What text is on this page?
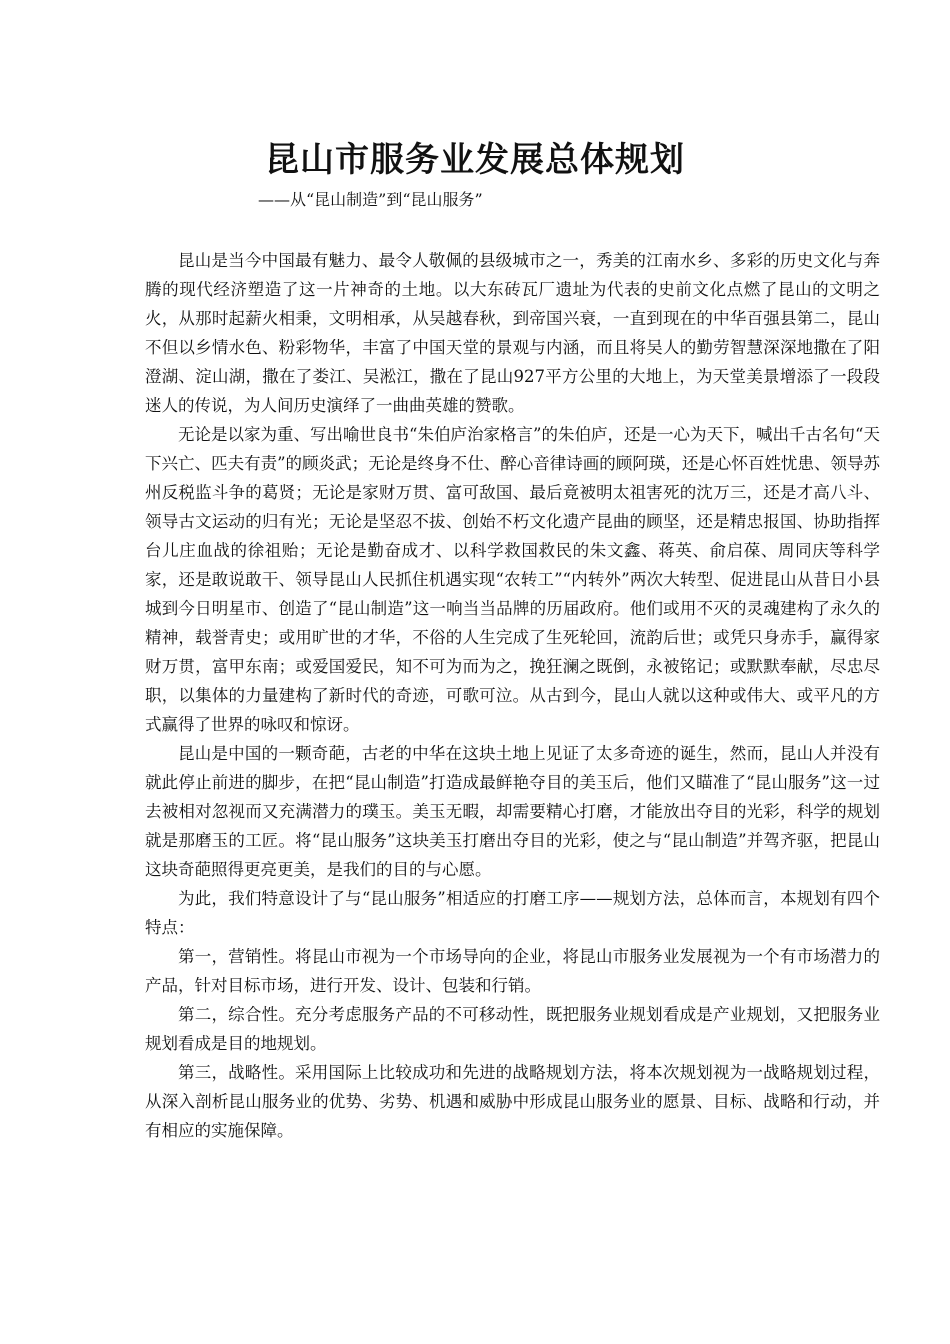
昆山市服务业发展总体规划
——从“昆山制造”到“昆山服务”

昆山是当今中国最有魅力、最令人敬佩的县级城市之一，秀美的江南水乡、多彩的历史文化与奔腾的现代经济塑造了这一片神奇的土地。以大东砖瓦厂遗址为代表的史前文化点燃了昆山的文明之火，从那时起薪火相秉，文明相承，从吴越春秋，到帝国兴衰，一直到现在的中华百强县第二，昆山不但以乡情水色、粉彩物华，丰富了中国天堂的景观与内涵，而且将吴人的勤劳智慧深深地撒在了阳澄湖、淀山湖，撒在了娄江、吴淞江，撒在了昆山927平方公里的大地上，为天堂美景增添了一段段迷人的传说，为人间历史演绎了一曲曲英雄的赞歌。

无论是以家为重、写出喻世良书“朱伯庐治家格言”的朱伯庐，还是一心为天下，喊出千古名句“天下兴亡、匹夫有责”的顾炎武；无论是终身不仕、醉心音律诗画的顾阿瑛，还是心怀百姓忧患、领导苏州反税监斗争的葛贤；无论是家财万贯、富可敌国、最后竟被明太祖害死的沈万三，还是才高八斗、领导古文运动的归有光；无论是坚忍不拔、创始不朽文化遗产昆曲的顾坚，还是精忠报国、协助指挥台儿庄血战的徐祖贻；无论是勤奋成才、以科学救国救民的朱文鑫、蒋英、俞启葆、周同庆等科学家，还是敢说敢干、领导昆山人民抓住机遇实现“农转工”“内转外”两次大转型、促进昆山从昔日小县城到今日明星市、创造了“昆山制造”这一响当当品牌的历届政府。他们或用不灭的灵魂建构了永久的精神，载誉青史；或用旷世的才华，不俗的人生完成了生死轮回，流韵后世；或凭只身赤手，赢得家财万贯，富甲东南；或爱国爱民，知不可为而为之，挽狂澜之既倒，永被铭记；或默默奉献，尽忠尽职，以集体的力量建构了新时代的奇迹，可歌可泣。从古到今，昆山人就以这种或伟大、或平凡的方式赢得了世界的咏叹和惊讶。

昆山是中国的一颗奇葩，古老的中华在这块土地上见证了太多奇迹的诞生，然而，昆山人并没有就此停止前进的脚步，在把“昆山制造”打造成最鲜艳夺目的美玉后，他们又瞄准了“昆山服务”这一过去被相对忽视而又充满潜力的璞玉。美玉无暇，却需要精心打磨，才能放出夺目的光彩，科学的规划就是那磨玉的工匠。将“昆山服务”这块美玉打磨出夺目的光彩，使之与“昆山制造”并驾齐驱，把昆山这块奇葩照得更亮更美，是我们的目的与心愿。

为此，我们特意设计了与“昆山服务”相适应的打磨工序——规划方法，总体而言，本规划有四个特点：

第一，营销性。将昆山市视为一个市场导向的企业，将昆山市服务业发展视为一个有市场潜力的产品，针对目标市场，进行开发、设计、包装和行销。

第二，综合性。充分考虑服务产品的不可移动性，既把服务业规划看成是产业规划，又把服务业规划看成是目的地规划。

第三，战略性。采用国际上比较成功和先进的战略规划方法，将本次规划视为一战略规划过程，从深入剖析昆山服务业的优势、劣势、机遇和威胁中形成昆山服务业的愿景、目标、战略和行动，并有相应的实施保障。
